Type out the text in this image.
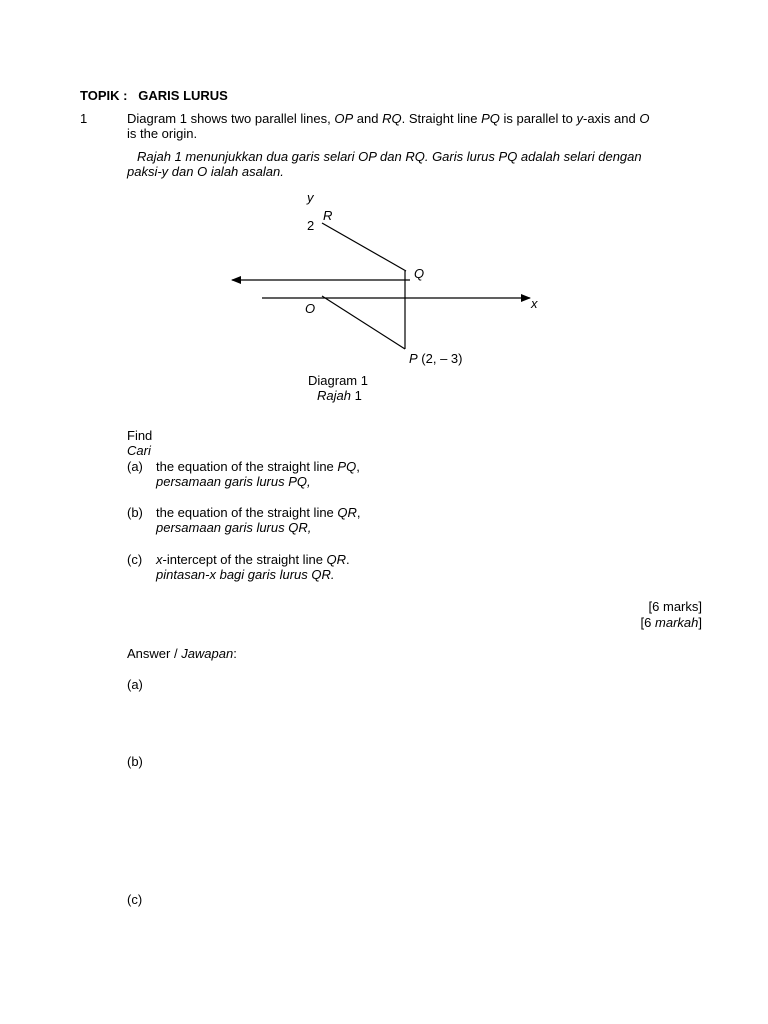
TOPIK : GARIS LURUS
1	Diagram 1 shows two parallel lines, OP and RQ. Straight line PQ is parallel to y-axis and O
is the origin.
Rajah 1 menunjukkan dua garis selari OP dan RQ. Garis lurus PQ adalah selari dengan
paksi-y dan O ialah asalan.
y
2
R
Q
x
O
P (2, – 3)
Diagram 1
Rajah 1
Find
Cari
(a) the equation of the straight line PQ,
persamaan garis lurus PQ,
(b) the equation of the straight line QR,
persamaan garis lurus QR,
(c) x-intercept of the straight line QR.
pintasan-x bagi garis lurus QR.
[6 marks]
[6 markah]
Answer / Jawapan:
(a)
(b)
(c)
